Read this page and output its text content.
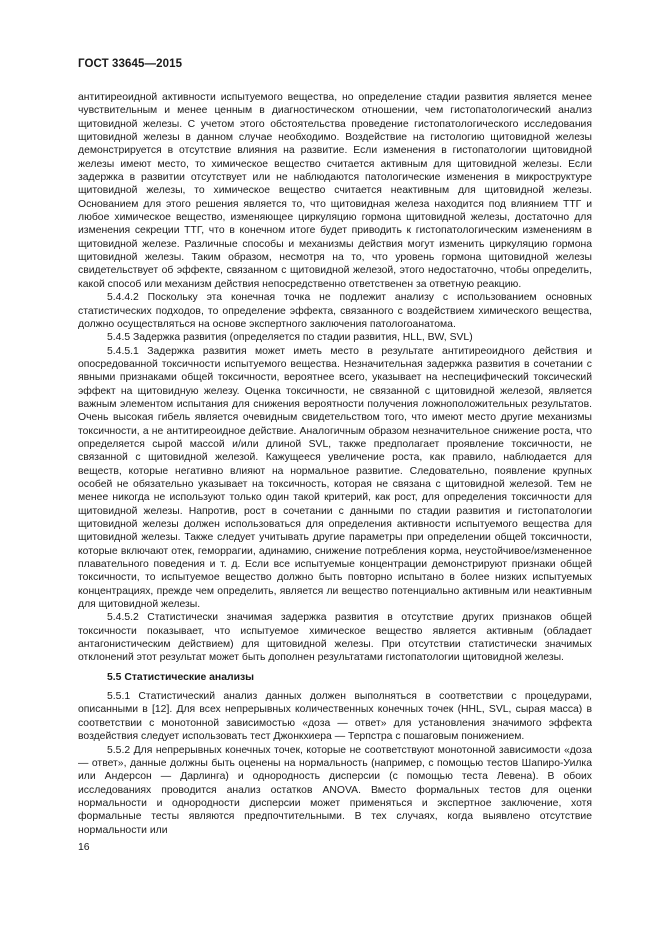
ГОСТ 33645—2015

антитиреоидной активности испытуемого вещества, но определение стадии развития является менее чувствительным и менее ценным в диагностическом отношении, чем гистопатологический анализ щитовидной железы. С учетом этого обстоятельства проведение гистопатологического исследования щитовидной железы в данном случае необходимо. Воздействие на гистологию щитовидной железы демонстрируется в отсутствие влияния на развитие. Если изменения в гистопатологии щитовидной железы имеют место, то химическое вещество считается активным для щитовидной железы. Если задержка в развитии отсутствует или не наблюдаются патологические изменения в микроструктуре щитовидной железы, то химическое вещество считается неактивным для щитовидной железы. Основанием для этого решения является то, что щитовидная железа находится под влиянием ТТГ и любое химическое вещество, изменяющее циркуляцию гормона щитовидной железы, достаточно для изменения секреции ТТГ, что в конечном итоге будет приводить к гистопатологическим изменениям в щитовидной железе. Различные способы и механизмы действия могут изменить циркуляцию гормона щитовидной железы. Таким образом, несмотря на то, что уровень гормона щитовидной железы свидетельствует об эффекте, связанном с щитовидной железой, этого недостаточно, чтобы определить, какой способ или механизм действия непосредственно ответственен за ответную реакцию.

5.4.4.2 Поскольку эта конечная точка не подлежит анализу с использованием основных статистических подходов, то определение эффекта, связанного с воздействием химического вещества, должно осуществляться на основе экспертного заключения патологоанатома.

5.4.5 Задержка развития (определяется по стадии развития, HLL, BW, SVL)

5.4.5.1 Задержка развития может иметь место в результате антитиреоидного действия и опосредованной токсичности испытуемого вещества. Незначительная задержка развития в сочетании с явными признаками общей токсичности, вероятнее всего, указывает на неспецифический токсический эффект на щитовидную железу. Оценка токсичности, не связанной с щитовидной железой, является важным элементом испытания для снижения вероятности получения ложноположительных результатов. Очень высокая гибель является очевидным свидетельством того, что имеют место другие механизмы токсичности, а не антитиреоидное действие. Аналогичным образом незначительное снижение роста, что определяется сырой массой и/или длиной SVL, также предполагает проявление токсичности, не связанной с щитовидной железой. Кажущееся увеличение роста, как правило, наблюдается для веществ, которые негативно влияют на нормальное развитие. Следовательно, появление крупных особей не обязательно указывает на токсичность, которая не связана с щитовидной железой. Тем не менее никогда не используют только один такой критерий, как рост, для определения токсичности для щитовидной железы. Напротив, рост в сочетании с данными по стадии развития и гистопатологии щитовидной железы должен использоваться для определения активности испытуемого вещества для щитовидной железы. Также следует учитывать другие параметры при определении общей токсичности, которые включают отек, геморрагии, адинамию, снижение потребления корма, неустойчивое/измененное плавательного поведения и т. д. Если все испытуемые концентрации демонстрируют признаки общей токсичности, то испытуемое вещество должно быть повторно испытано в более низких испытуемых концентрациях, прежде чем определить, является ли вещество потенциально активным или неактивным для щитовидной железы.

5.4.5.2 Статистически значимая задержка развития в отсутствие других признаков общей токсичности показывает, что испытуемое химическое вещество является активным (обладает антагонистическим действием) для щитовидной железы. При отсутствии статистически значимых отклонений этот результат может быть дополнен результатами гистопатологии щитовидной железы.

5.5 Статистические анализы

5.5.1 Статистический анализ данных должен выполняться в соответствии с процедурами, описанными в [12]. Для всех непрерывных количественных конечных точек (HHL, SVL, сырая масса) в соответствии с монотонной зависимостью «доза — ответ» для установления значимого эффекта воздействия следует использовать тест Джонкхиера — Терпстра с пошаговым понижением.

5.5.2 Для непрерывных конечных точек, которые не соответствуют монотонной зависимости «доза — ответ», данные должны быть оценены на нормальность (например, с помощью тестов Шапиро-Уилка или Андерсон — Дарлинга) и однородность дисперсии (с помощью теста Левена). В обоих исследованиях проводится анализ остатков ANOVA. Вместо формальных тестов для оценки нормальности и однородности дисперсии может применяться и экспертное заключение, хотя формальные тесты являются предпочтительными. В тех случаях, когда выявлено отсутствие нормальности или

16
